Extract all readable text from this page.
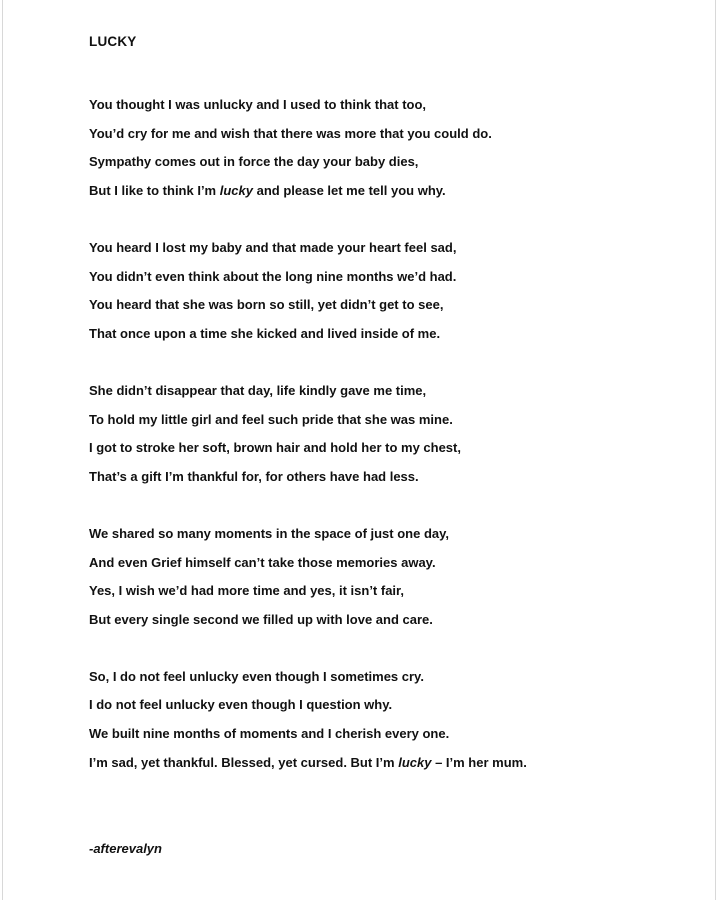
LUCKY
You thought I was unlucky and I used to think that too,
You’d cry for me and wish that there was more that you could do.
Sympathy comes out in force the day your baby dies,
But I like to think I’m lucky and please let me tell you why.
You heard I lost my baby and that made your heart feel sad,
You didn’t even think about the long nine months we’d had.
You heard that she was born so still, yet didn’t get to see,
That once upon a time she kicked and lived inside of me.
She didn’t disappear that day, life kindly gave me time,
To hold my little girl and feel such pride that she was mine.
I got to stroke her soft, brown hair and hold her to my chest,
That’s a gift I’m thankful for, for others have had less.
We shared so many moments in the space of just one day,
And even Grief himself can’t take those memories away.
Yes, I wish we’d had more time and yes, it isn’t fair,
But every single second we filled up with love and care.
So, I do not feel unlucky even though I sometimes cry.
I do not feel unlucky even though I question why.
We built nine months of moments and I cherish every one.
I’m sad, yet thankful. Blessed, yet cursed. But I’m lucky – I’m her mum.
-afterevalyn
